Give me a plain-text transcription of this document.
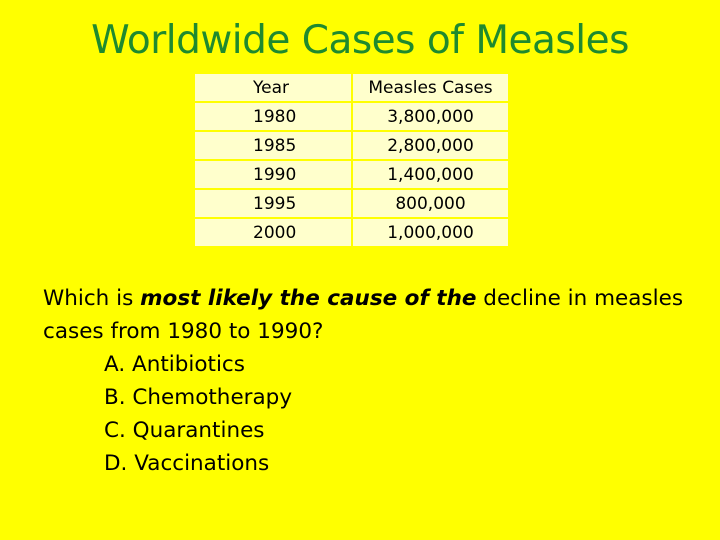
Worldwide Cases of Measles
Year	Measles Cases
1980	3,800,000
1985	2,800,000
1990	1,400,000
1995	800,000
2000	1,000,000
Which is most likely the cause of the decline in measles
cases from 1980 to 1990?
A. Antibiotics
B. Chemotherapy
C. Quarantines
D. Vaccinations
